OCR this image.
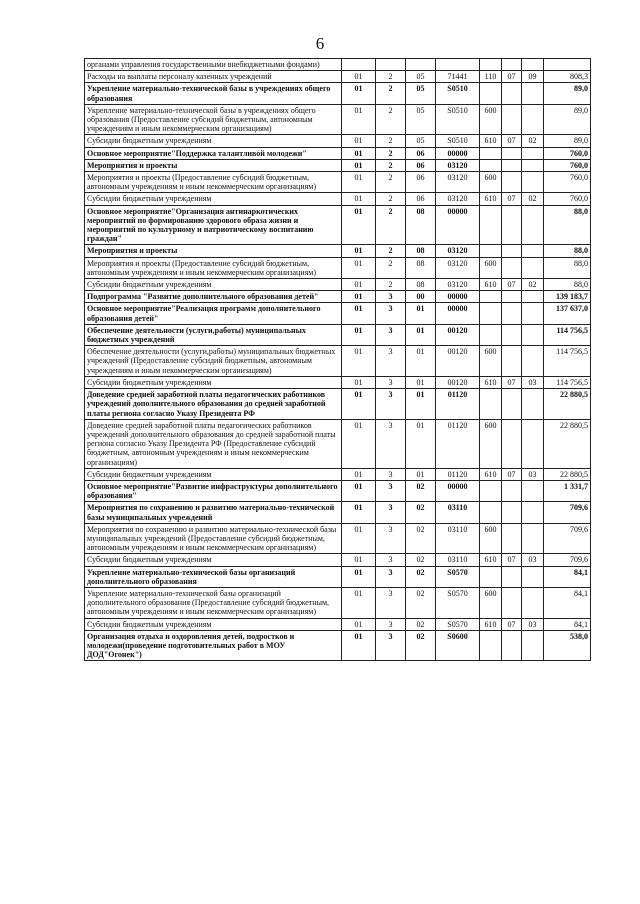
6
органами управления государственными внебюджетными фондами)								
Расходы на выплаты персоналу казенных учреждений	01	2	05	71441	110	07	09	808,3
Укрепление материально-технической базы в учреждениях общего образования	01	2	05	S0510				89,0
Укрепление материально-технической базы в учреждениях общего образования (Предоставление субсидий бюджетным, автономным учреждениям и иным некоммерческим организациям)	01	2	05	S0510	600			89,0
Субсидии бюджетным учреждениям	01	2	05	S0510	610	07	02	89,0
Основное мероприятие"Поддержка талантливой молодежи"	01	2	06	00000				760,0
Мероприятия и проекты	01	2	06	03120				760,0
Мероприятия и проекты (Предоставление субсидий бюджетным, автономным учреждениям и иным некоммерческим организациям)	01	2	06	03120	600			760,0
Субсидии бюджетным учреждениям	01	2	06	03120	610	07	02	760,0
Основное мероприятие"Организация антинаркотических мероприятий по формированию здорового образа жизни и мероприятий по культурному и патриотическому воспитанию граждан"	01	2	08	00000				88,0
Мероприятия и проекты	01	2	08	03120				88,0
Мероприятия и проекты (Предоставление субсидий бюджетным, автономным учреждениям и иным некоммерческим организациям)	01	2	08	03120	600			88,0
Субсидии бюджетным учреждениям	01	2	08	03120	610	07	02	88,0
Подпрограмма "Развитие дополнительного образования детей"	01	3	00	00000				139 183,7
Основное мероприятие"Реализация программ дополнительного образования детей"	01	3	01	00000				137 637,0
Обеспечение деятельности (услуги,работы) муниципальных бюджетных учреждений	01	3	01	00120				114 756,5
Обеспечение деятельности (услуги,работы) муниципальных бюджетных учреждений (Предоставление субсидий бюджетным, автономным учреждениям и иным некоммерческим организациям)	01	3	01	00120	600			114 756,5
Субсидии бюджетным учреждениям	01	3	01	00120	610	07	03	114 756,5
Доведение средней заработной платы педагогических работников учреждений дополнительного образования до средней заработной платы региона согласно Указу Президента РФ	01	3	01	01120				22 880,5
Доведение средней заработной платы педагогических работников учреждений дополнительного образования до средней заработной платы региона согласно Указу Президента РФ (Предоставление субсидий бюджетным, автономным учреждениям и иным некоммерческим организациям)	01	3	01	01120	600			22 880,5
Субсидии бюджетным учреждениям	01	3	01	01120	610	07	03	22 880,5
Основное мероприятие"Развитие инфраструктуры дополнительного образования"	01	3	02	00000				1 331,7
Мероприятия по сохранению и развитию материально-технической базы муниципальных учреждений	01	3	02	03110				709,6
Мероприятия по сохранению и развитию материально-технической базы муниципальных учреждений (Предоставление субсидий бюджетным, автономным учреждениям и иным некоммерческим организациям)	01	3	02	03110	600			709,6
Субсидии бюджетным учреждениям	01	3	02	03110	610	07	03	709,6
Укрепление материально-технической базы организаций дополнительного образования	01	3	02	S0570				84,1
Укрепление материально-технической базы организаций дополнительного образования (Предоставление субсидий бюджетным, автономным учреждениям и иным некоммерческим организациям)	01	3	02	S0570	600			84,1
Субсидии бюджетным учреждениям	01	3	02	S0570	610	07	03	84,1
Организация отдыха и оздоровления детей, подростков и молодежи(проведение подготовительных работ в МОУ ДОД"Огонек")	01	3	02	S0600				538,0
